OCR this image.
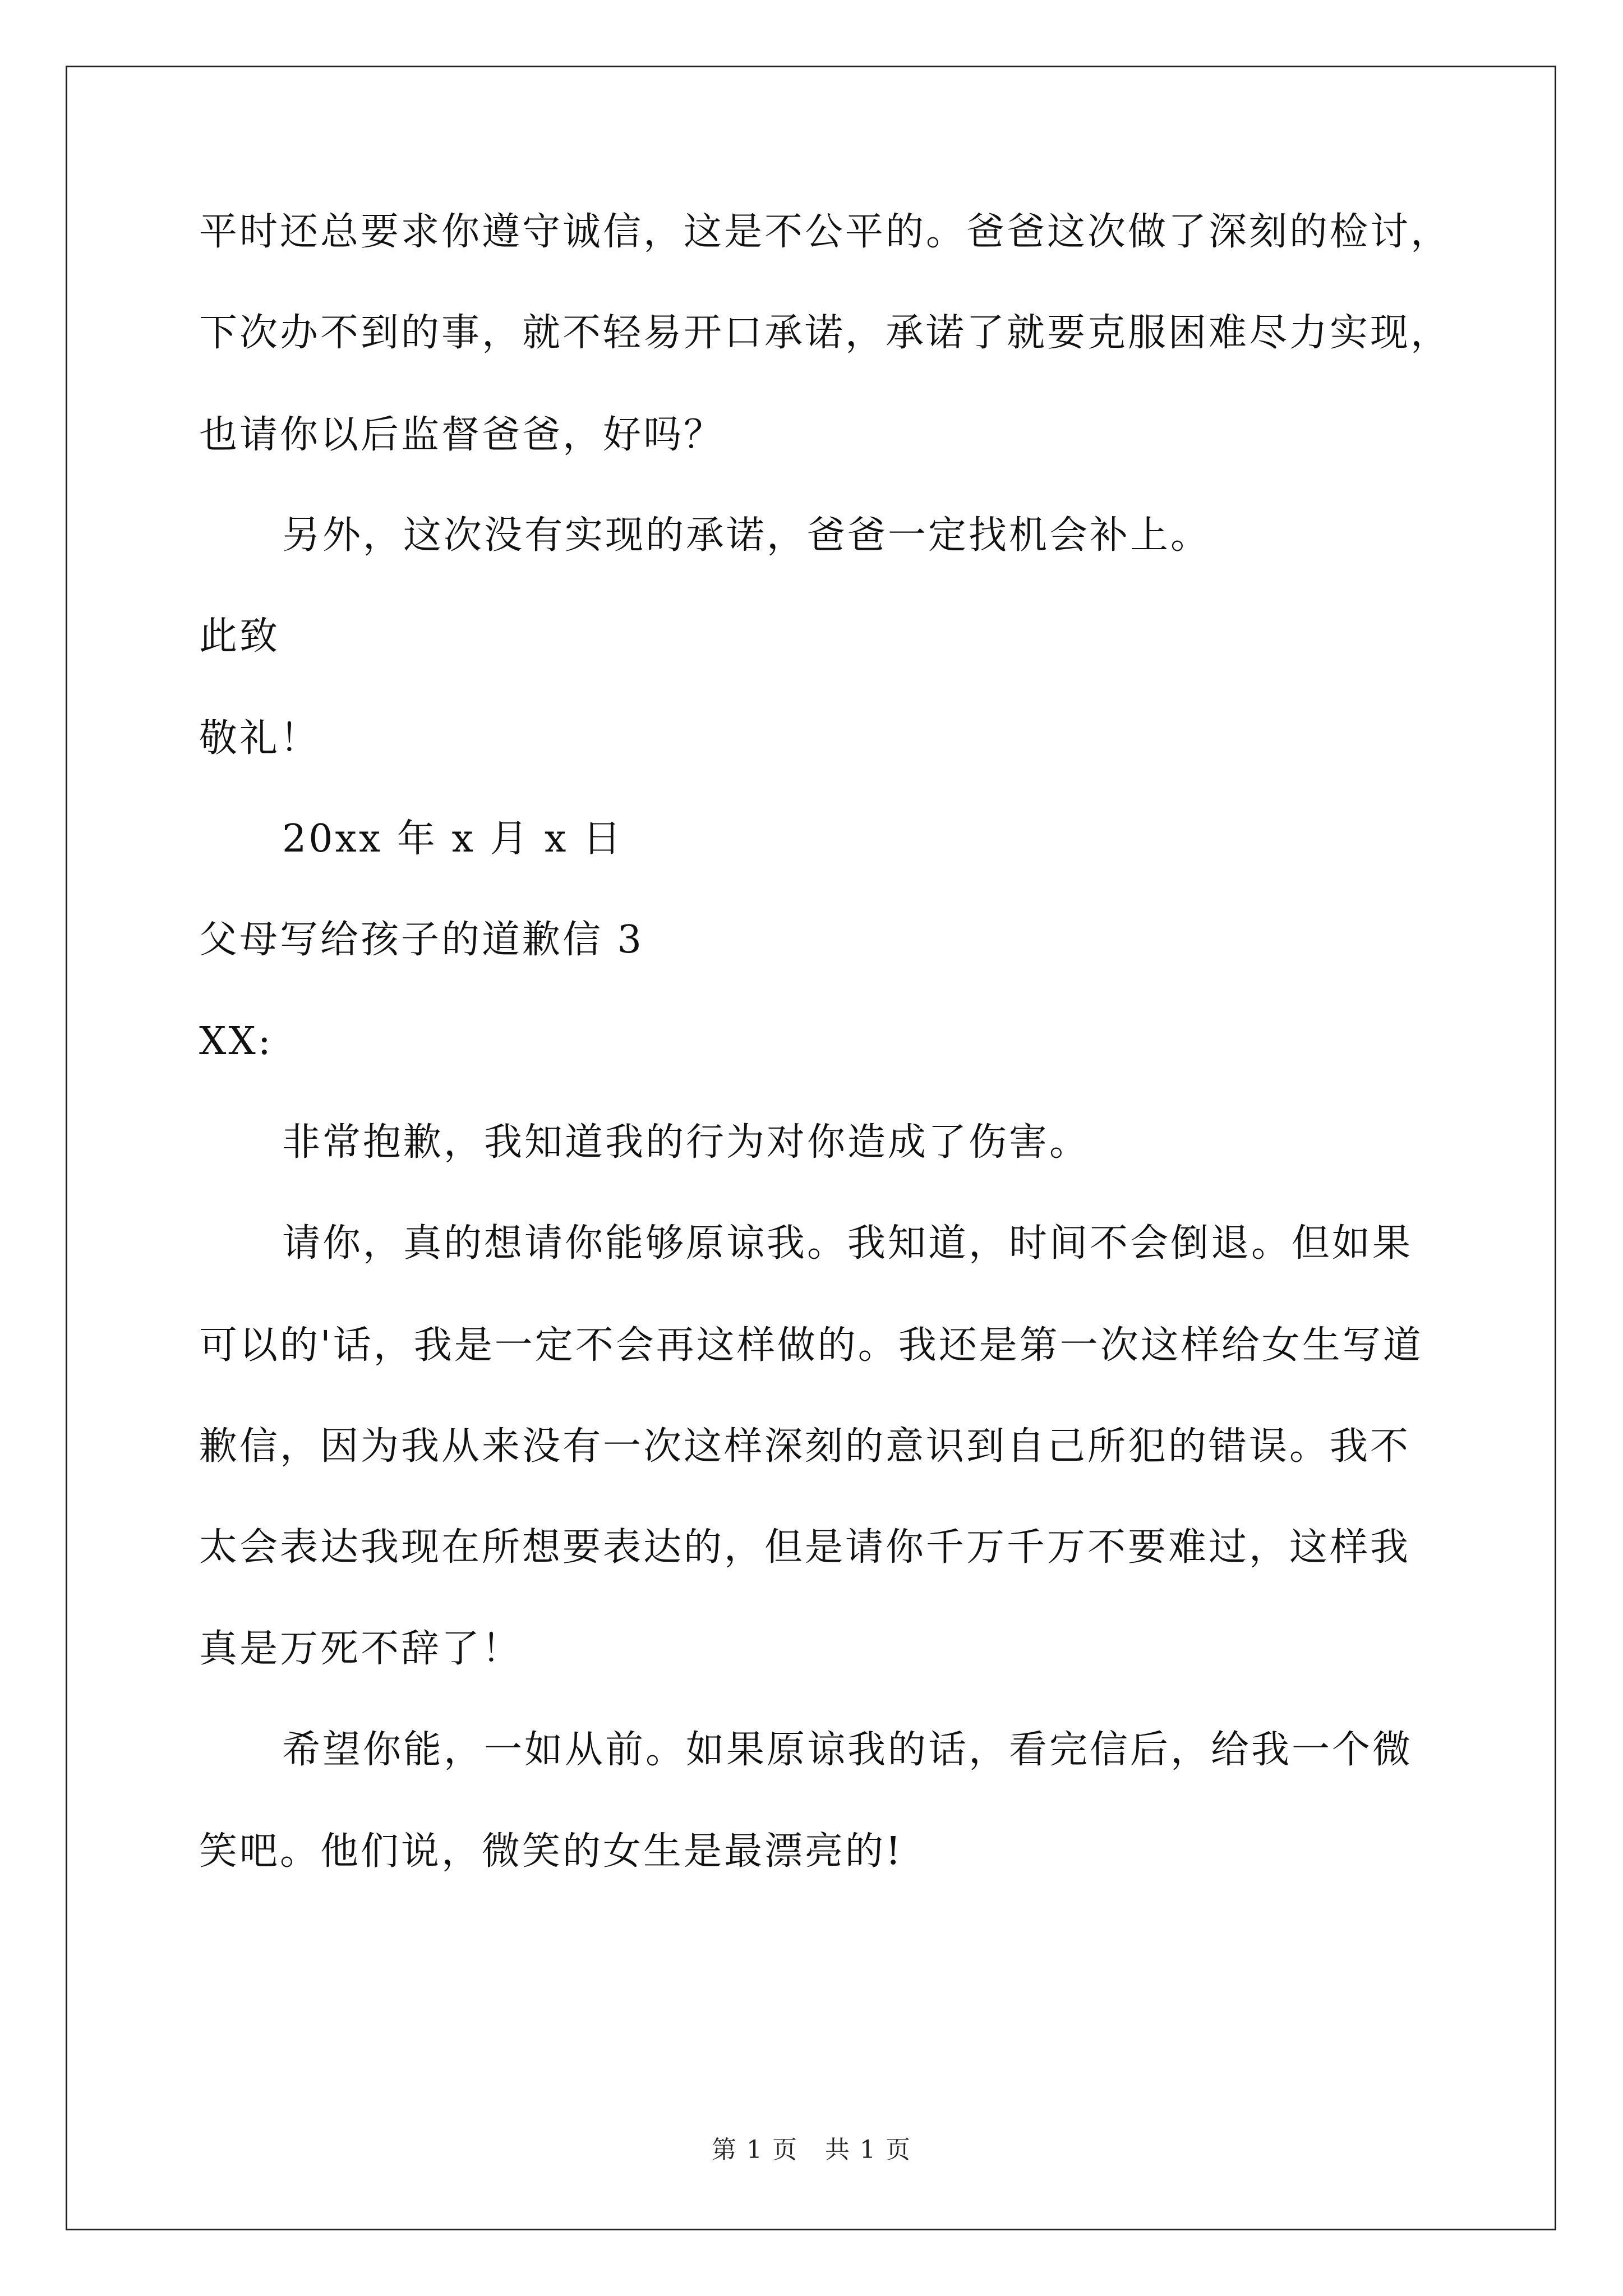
平时还总要求你遵守诚信，这是不公平的。爸爸这次做了深刻的检讨，
下次办不到的事，就不轻易开口承诺，承诺了就要克服困难尽力实现，
也请你以后监督爸爸，好吗？
另外，这次没有实现的承诺，爸爸一定找机会补上。
此致
敬礼！
20xx 年 x 月 x 日
父母写给孩子的道歉信 3
XX:
非常抱歉，我知道我的行为对你造成了伤害。
请你，真的想请你能够原谅我。我知道，时间不会倒退。但如果
可以的'话，我是一定不会再这样做的。我还是第一次这样给女生写道
歉信，因为我从来没有一次这样深刻的意识到自己所犯的错误。我不
太会表达我现在所想要表达的，但是请你千万千万不要难过，这样我
真是万死不辞了！
希望你能，一如从前。如果原谅我的话，看完信后，给我一个微
笑吧。他们说，微笑的女生是最漂亮的!
第 1 页 共 1 页
